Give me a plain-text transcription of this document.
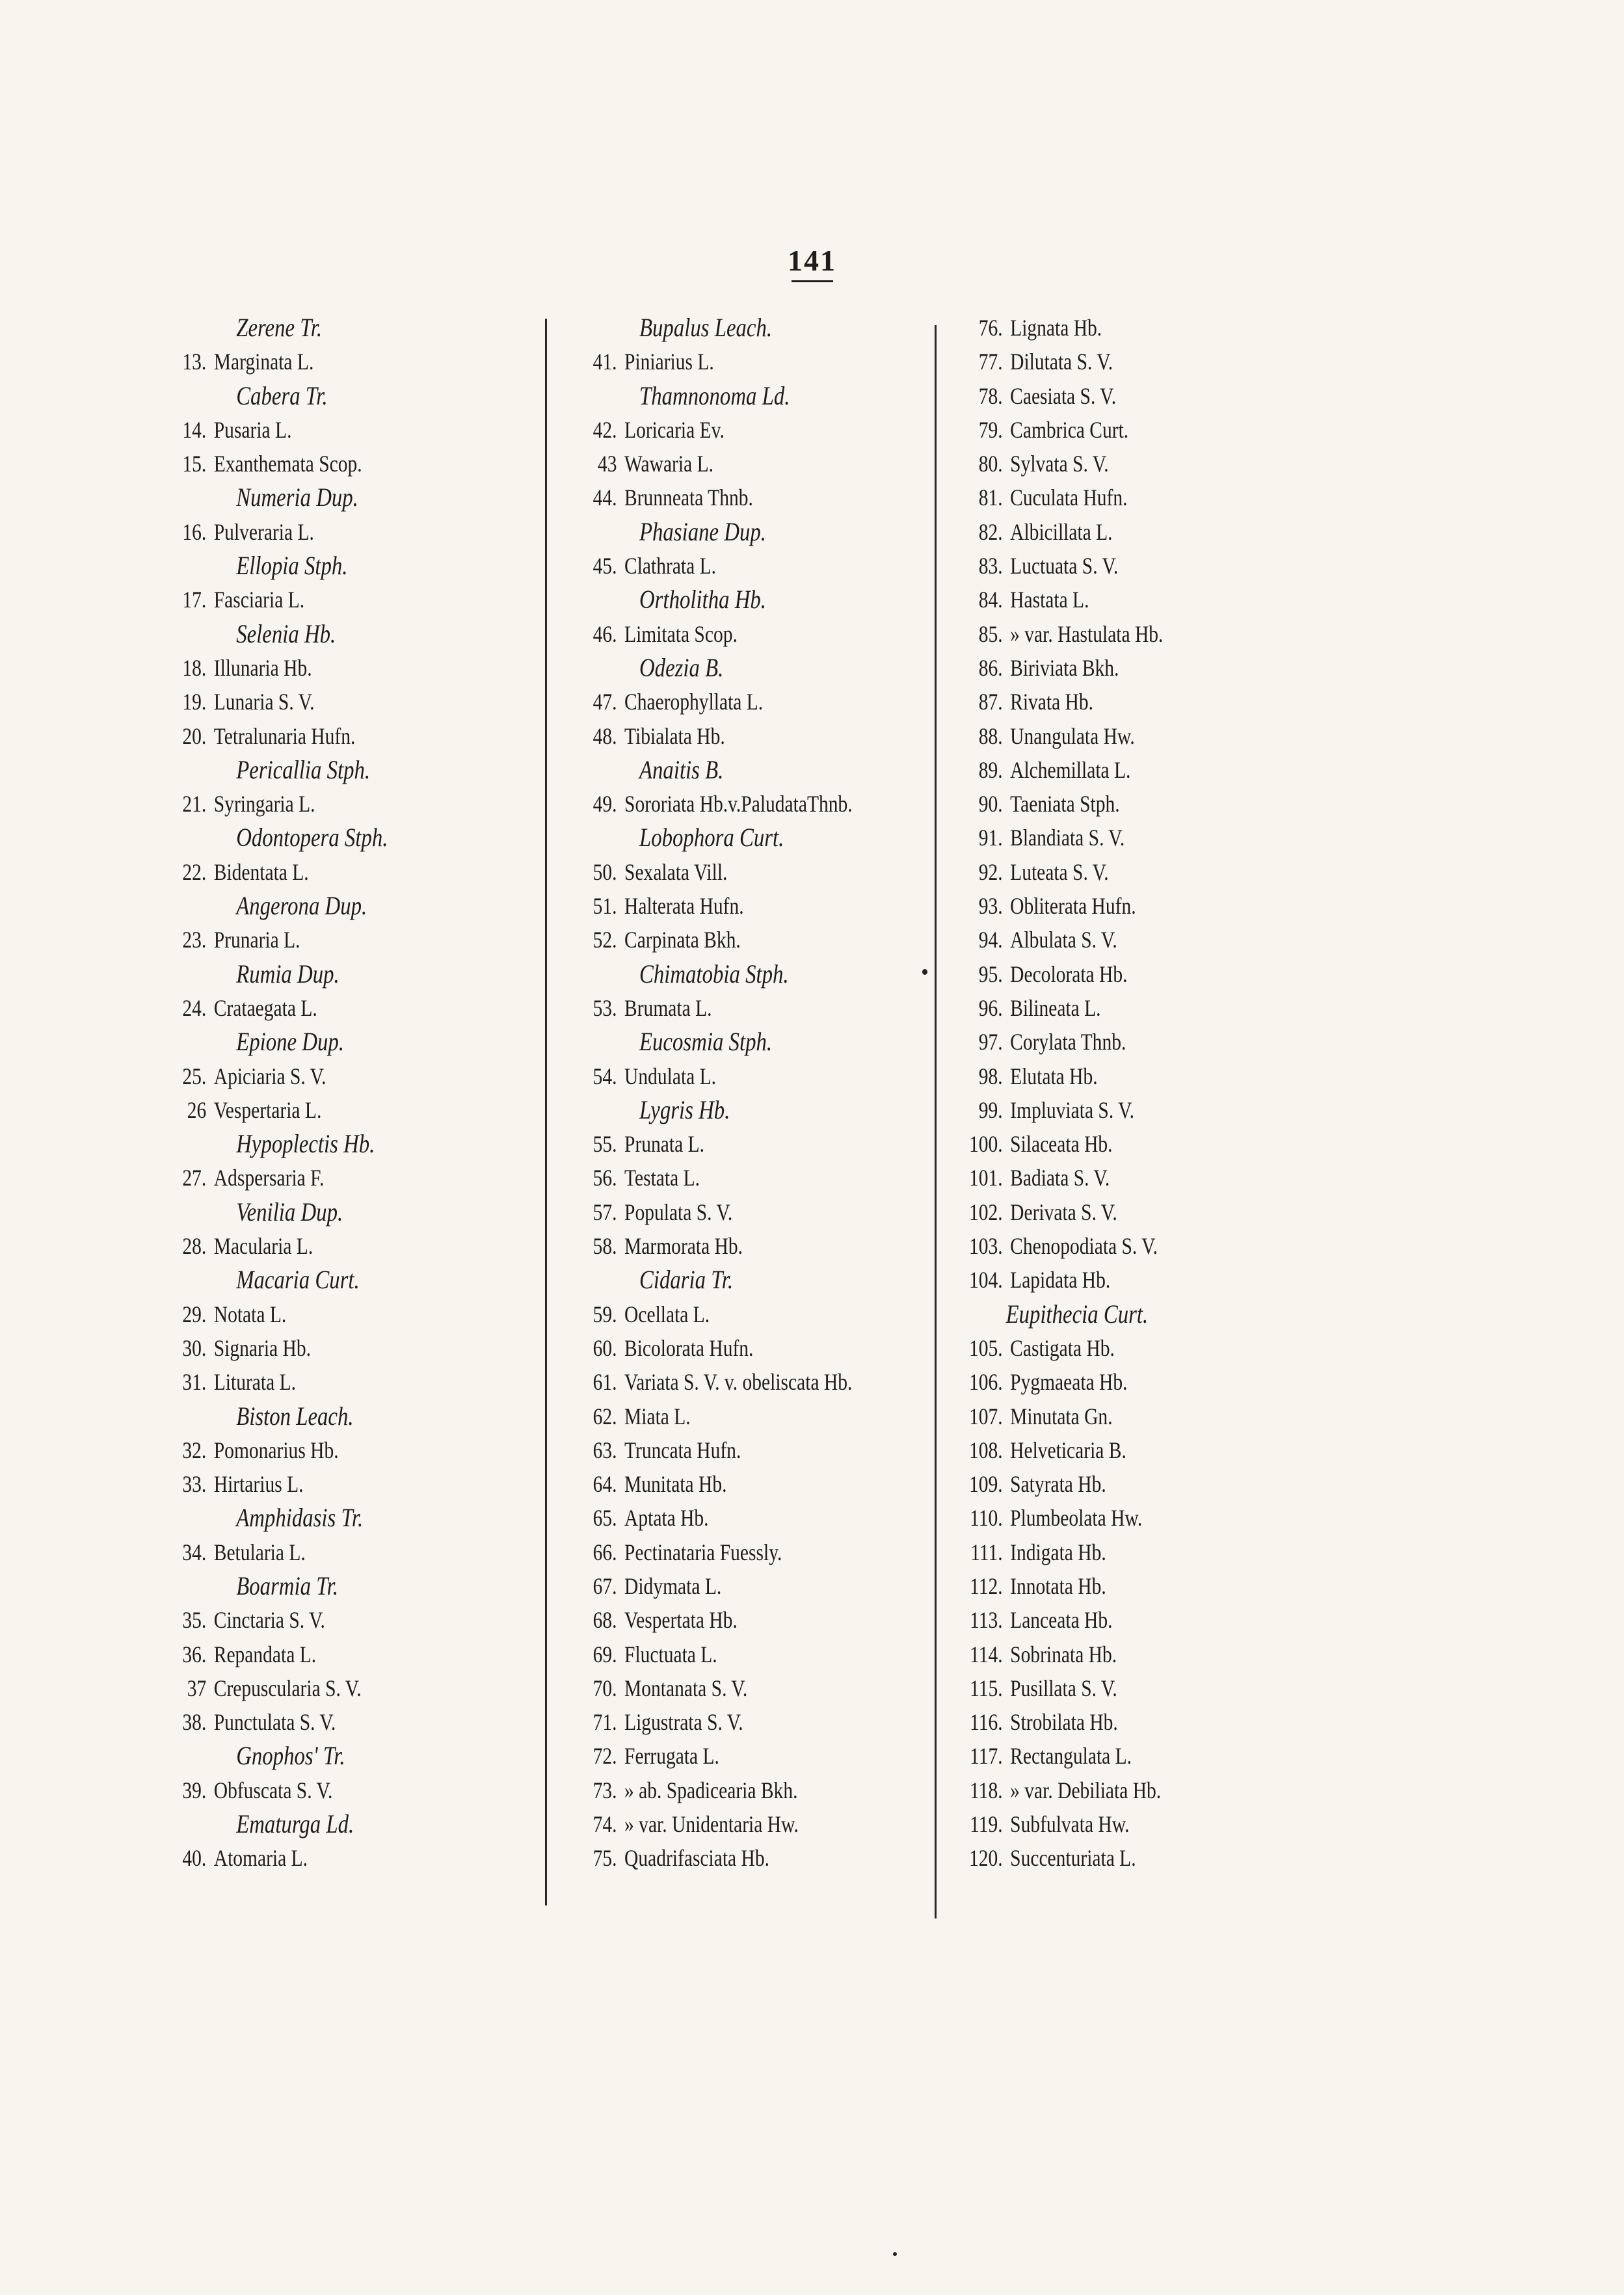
141
Zerene Tr.
13. Marginata L.
Cabera Tr.
14. Pusaria L.
15. Exanthemata Scop.
Numeria Dup.
16. Pulveraria L.
Ellopia Stph.
17. Fasciaria L.
Selenia Hb.
18. Illunaria Hb.
19. Lunaria S. V.
20. Tetralunaria Hufn.
Pericallia Stph.
21. Syringaria L.
Odontopera Stph.
22. Bidentata L.
Angerona Dup.
23. Prunaria L.
Rumia Dup.
24. Crataegata L.
Epione Dup.
25. Apiciaria S. V.
26 Vespertaria L.
Hypoplectis Hb.
27. Adspersaria F.
Venilia Dup.
28. Macularia L.
Macaria Curt.
29. Notata L.
30. Signaria Hb.
31. Liturata L.
Biston Leach.
32. Pomonarius Hb.
33. Hirtarius L.
Amphidasis Tr.
34. Betularia L.
Boarmia Tr.
35. Cinctaria S. V.
36. Repandata L.
37 Crepuscularia S. V.
38. Punctulata S. V.
Gnophos' Tr.
39. Obfuscata S. V.
Ematurga Ld.
40. Atomaria L.
Bupalus Leach.
41. Piniarius L.
Thamnonoma Ld.
42. Loricaria Ev.
43 Wawaria L.
44. Brunneata Thnb.
Phasiane Dup.
45. Clathrata L.
Ortholitha Hb.
46. Limitata Scop.
Odezia B.
47. Chaerophyllata L.
48. Tibialata Hb.
Anaitis B.
49. Sororiata Hb.v.PaludataThnb.
Lobophora Curt.
50. Sexalata Vill.
51. Halterata Hufn.
52. Carpinata Bkh.
Chimatobia Stph.
53. Brumata L.
Eucosmia Stph.
54. Undulata L.
Lygris Hb.
55. Prunata L.
56. Testata L.
57. Populata S. V.
58. Marmorata Hb.
Cidaria Tr.
59. Ocellata L.
60. Bicolorata Hufn.
61. Variata S. V. v. obeliscata Hb.
62. Miata L.
63. Truncata Hufn.
64. Munitata Hb.
65. Aptata Hb.
66. Pectinataria Fuessly.
67. Didymata L.
68. Vespertata Hb.
69. Fluctuata L.
70. Montanata S. V.
71. Ligustrata S. V.
72. Ferrugata L.
73. » ab. Spadicearia Bkh.
74. » var. Unidentaria Hw.
75. Quadrifasciata Hb.
76. Lignata Hb.
77. Dilutata S. V.
78. Caesiata S. V.
79. Cambrica Curt.
80. Sylvata S. V.
81. Cuculata Hufn.
82. Albicillata L.
83. Luctuata S. V.
84. Hastata L.
85. » var. Hastulata Hb.
86. Biriviata Bkh.
87. Rivata Hb.
88. Unangulata Hw.
89. Alchemillata L.
90. Taeniata Stph.
91. Blandiata S. V.
92. Luteata S. V.
93. Obliterata Hufn.
94. Albulata S. V.
95. Decolorata Hb.
96. Bilineata L.
97. Corylata Thnb.
98. Elutata Hb.
99. Impluviata S. V.
100. Silaceata Hb.
101. Badiata S. V.
102. Derivata S. V.
103. Chenopodiata S. V.
104. Lapidata Hb.
Eupithecia Curt.
105. Castigata Hb.
106. Pygmaeata Hb.
107. Minutata Gn.
108. Helveticaria B.
109. Satyrata Hb.
110. Plumbeolata Hw.
111. Indigata Hb.
112. Innotata Hb.
113. Lanceata Hb.
114. Sobrinata Hb.
115. Pusillata S. V.
116. Strobilata Hb.
117. Rectangulata L.
118. » var. Debiliata Hb.
119. Subfulvata Hw.
120. Succenturiata L.
